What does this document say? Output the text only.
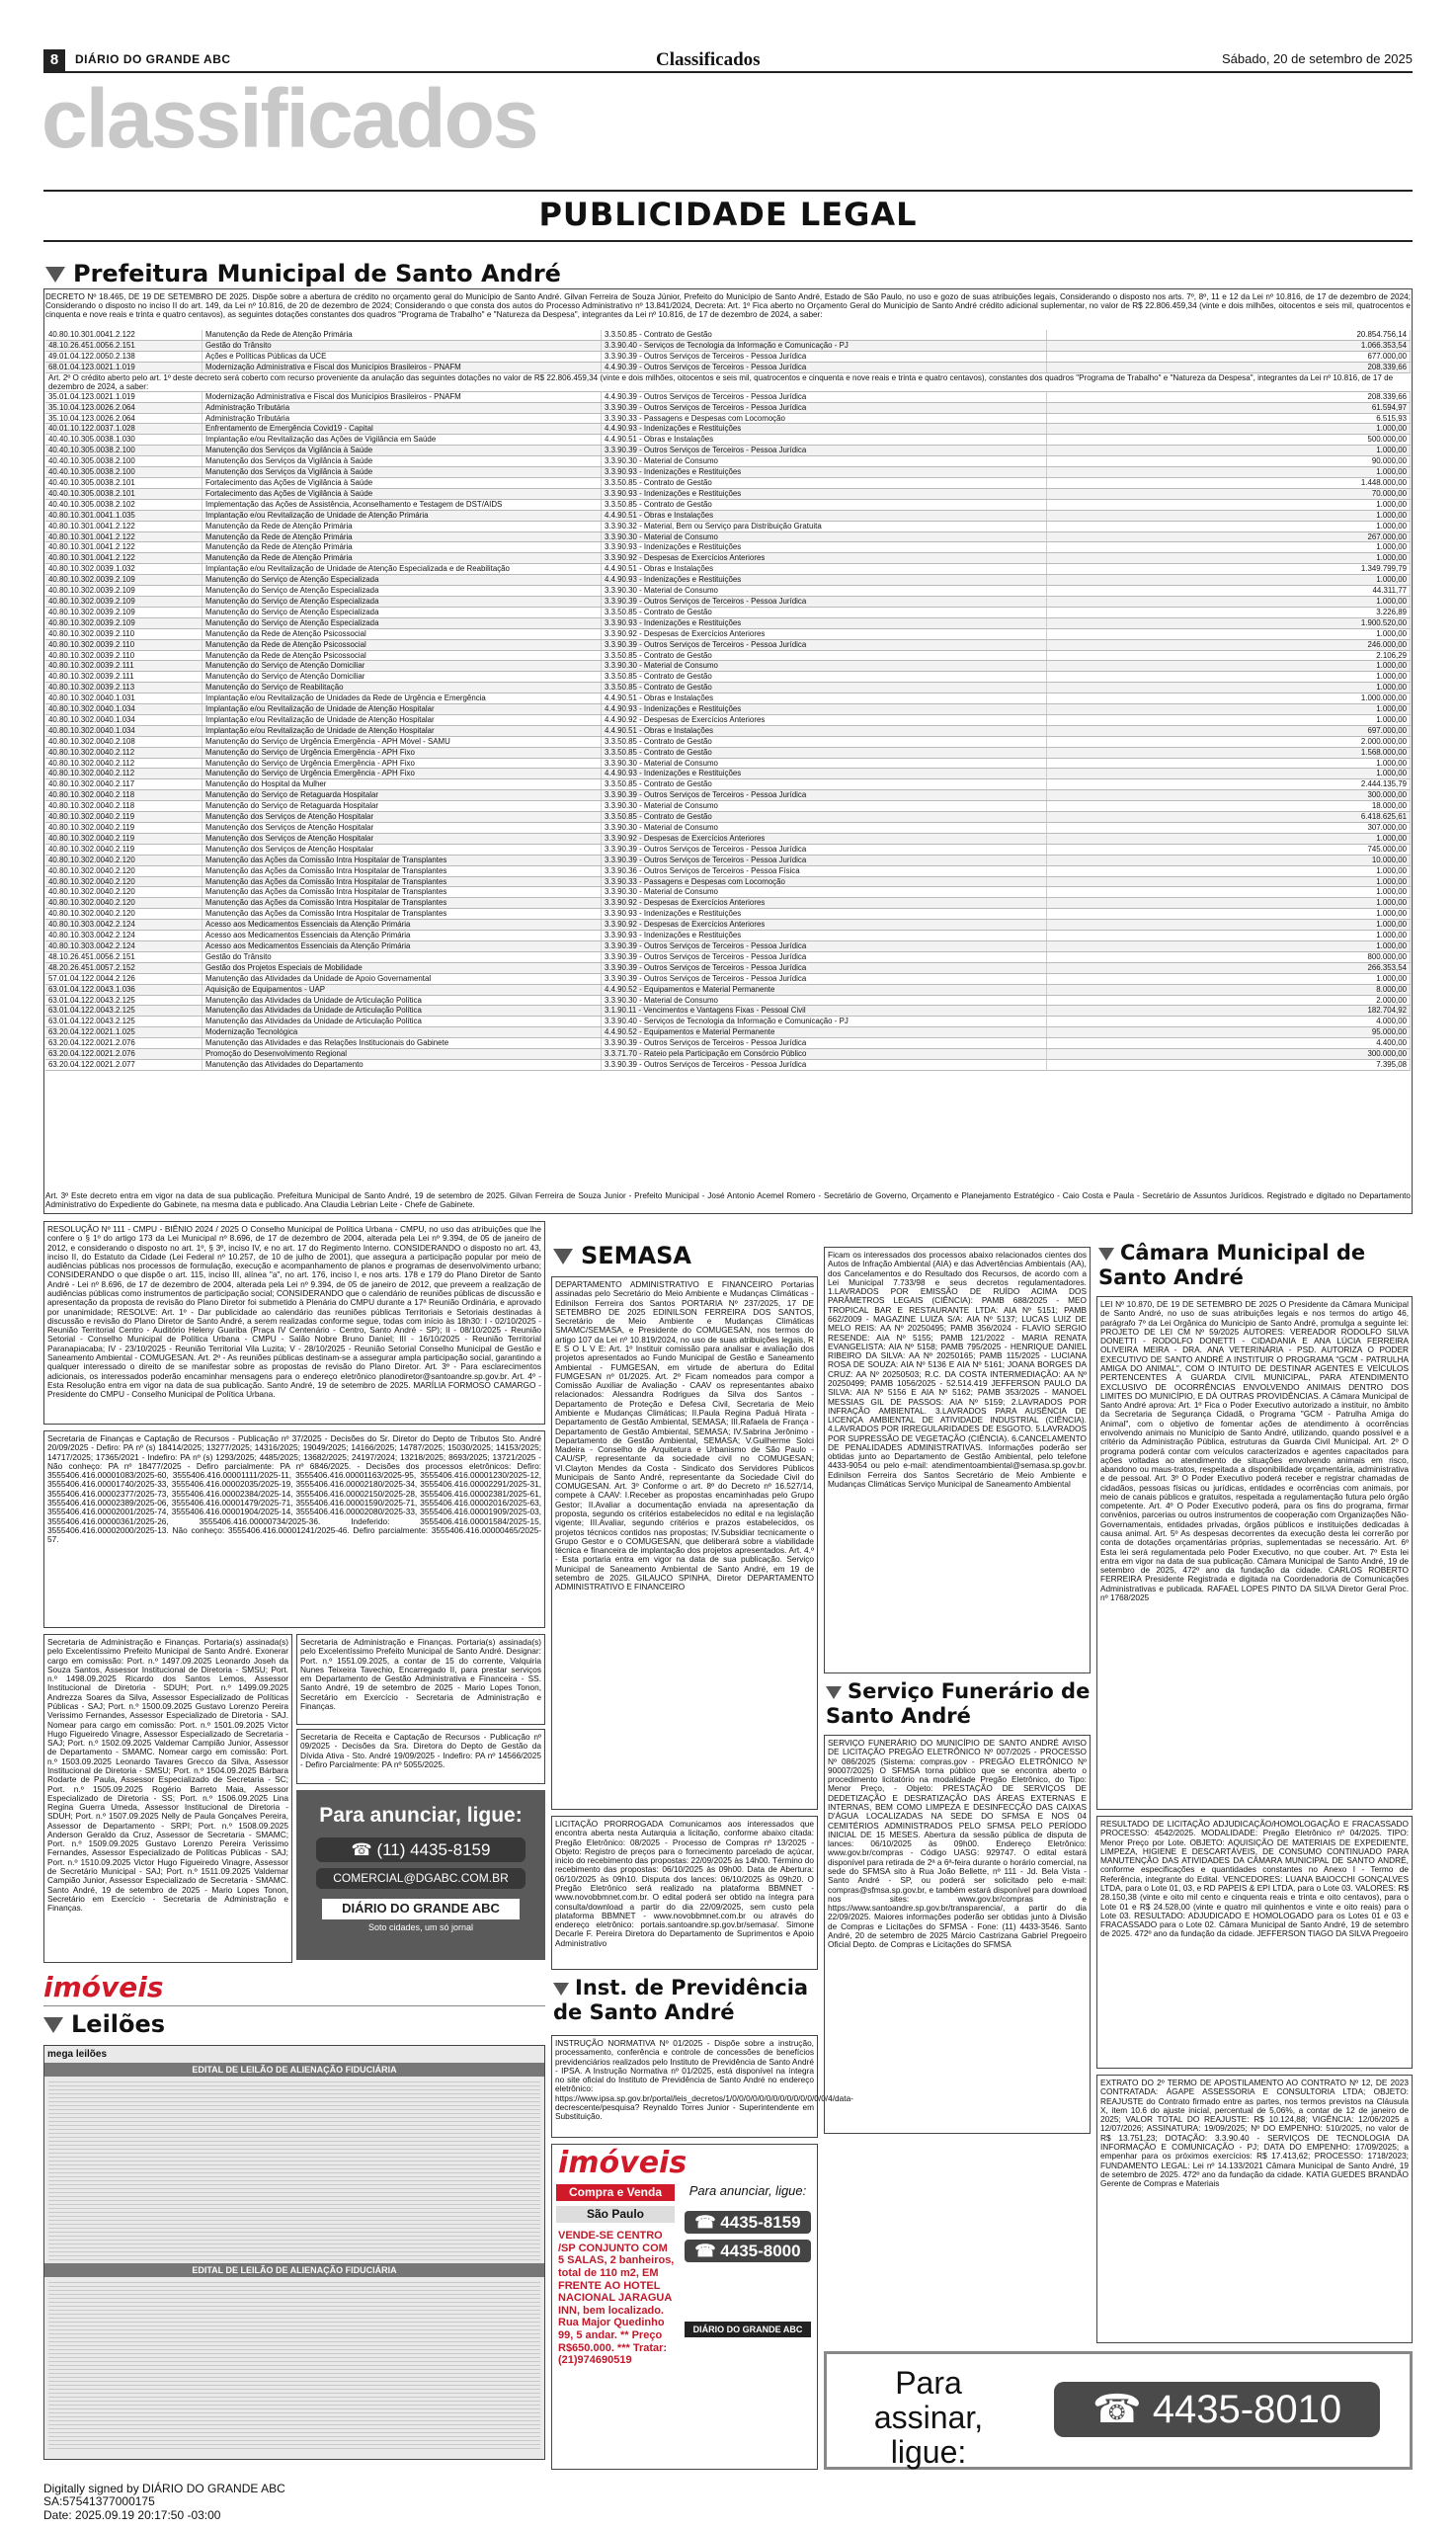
8	DIÁRIO DO GRANDE ABC	Classificados	Sábado, 20 de setembro de 2025
classificados
PUBLICIDADE LEGAL
Prefeitura Municipal de Santo André
DECRETO Nº 18.465, DE 19 DE SETEMBRO DE 2025. Dispõe sobre a abertura de crédito no orçamento geral do Município de Santo André. Gilvan Ferreira de Souza Júnior, Prefeito do Município de Santo André, Estado de São Paulo, no uso e gozo de suas atribuições legais, Considerando o disposto nos arts. 7º, 8º, 11 e 12 da Lei nº 10.816, de 17 de dezembro de 2024; Considerando o disposto no inciso II do art. 149, da Lei nº 10.816, de 20 de dezembro de 2024; Considerando o que consta dos autos do Processo Administrativo nº 13.841/2024, Decreta: Art. 1º Fica aberto no Orçamento Geral do Município de Santo André crédito adicional suplementar, no valor de R$ 22.806.459,34 (vinte e dois milhões, oitocentos e seis mil, quatrocentos e cinquenta e nove reais e trinta e quatro centavos), as seguintes dotações constantes dos quadros "Programa de Trabalho" e "Natureza da Despesa", integrantes da Lei nº 10.816, de 17 de dezembro de 2024, a saber:
40.80.10.301.0041.2.122	Manutenção da Rede de Atenção Primária	3.3.50.85 - Contrato de Gestão	20.854.756,14
48.10.26.451.0056.2.151	Gestão do Trânsito	3.3.90.40 - Serviços de Tecnologia da Informação e Comunicação - PJ	1.066.353,54
49.01.04.122.0050.2.138	Ações e Políticas Públicas da UCE	3.3.90.39 - Outros Serviços de Terceiros - Pessoa Jurídica	677.000,00
68.01.04.123.0021.1.019	Modernização Administrativa e Fiscal dos Municípios Brasileiros - PNAFM	4.4.90.39 - Outros Serviços de Terceiros - Pessoa Jurídica	208.339,66
Art. 2º O crédito aberto pelo art. 1º deste decreto será coberto com recurso proveniente da anulação das seguintes dotações no valor de R$ 22.806.459,34 (vinte e dois milhões, oitocentos e seis mil, quatrocentos e cinquenta e nove reais e trinta e quatro centavos), constantes dos quadros "Programa de Trabalho" e "Natureza da Despesa", integrantes da Lei nº 10.816, de 17 de dezembro de 2024, a saber:			
35.01.04.123.0021.1.019	Modernização Administrativa e Fiscal dos Municípios Brasileiros - PNAFM	4.4.90.39 - Outros Serviços de Terceiros - Pessoa Jurídica	208.339,66
35.10.04.123.0026.2.064	Administração Tributária	3.3.90.39 - Outros Serviços de Terceiros - Pessoa Jurídica	61.594,97
35.10.04.123.0026.2.064	Administração Tributária	3.3.90.33 - Passagens e Despesas com Locomoção	6.515,93
40.01.10.122.0037.1.028	Enfrentamento de Emergência Covid19 - Capital	4.4.90.93 - Indenizações e Restituições	1.000,00
40.40.10.305.0038.1.030	Implantação e/ou Revitalização das Ações de Vigilância em Saúde	4.4.90.51 - Obras e Instalações	500.000,00
40.40.10.305.0038.2.100	Manutenção dos Serviços da Vigilância à Saúde	3.3.90.39 - Outros Serviços de Terceiros - Pessoa Jurídica	1.000,00
40.40.10.305.0038.2.100	Manutenção dos Serviços da Vigilância à Saúde	3.3.90.30 - Material de Consumo	90.000,00
40.40.10.305.0038.2.100	Manutenção dos Serviços da Vigilância à Saúde	3.3.90.93 - Indenizações e Restituições	1.000,00
40.40.10.305.0038.2.101	Fortalecimento das Ações de Vigilância à Saúde	3.3.50.85 - Contrato de Gestão	1.448.000,00
40.40.10.305.0038.2.101	Fortalecimento das Ações de Vigilância à Saúde	3.3.90.93 - Indenizações e Restituições	70.000,00
40.40.10.305.0038.2.102	Implementação das Ações de Assistência, Aconselhamento e Testagem de DST/AIDS	3.3.50.85 - Contrato de Gestão	1.000,00
40.80.10.301.0041.1.035	Implantação e/ou Revitalização de Unidade de Atenção Primária	4.4.90.51 - Obras e Instalações	1.000,00
40.80.10.301.0041.2.122	Manutenção da Rede de Atenção Primária	3.3.90.32 - Material, Bem ou Serviço para Distribuição Gratuita	1.000,00
40.80.10.301.0041.2.122	Manutenção da Rede de Atenção Primária	3.3.90.30 - Material de Consumo	267.000,00
40.80.10.301.0041.2.122	Manutenção da Rede de Atenção Primária	3.3.90.93 - Indenizações e Restituições	1.000,00
40.80.10.301.0041.2.122	Manutenção da Rede de Atenção Primária	3.3.90.92 - Despesas de Exercícios Anteriores	1.000,00
40.80.10.302.0039.1.032	Implantação e/ou Revitalização de Unidade de Atenção Especializada e de Reabilitação	4.4.90.51 - Obras e Instalações	1.349.799,79
40.80.10.302.0039.2.109	Manutenção do Serviço de Atenção Especializada	4.4.90.93 - Indenizações e Restituições	1.000,00
40.80.10.302.0039.2.109	Manutenção do Serviço de Atenção Especializada	3.3.90.30 - Material de Consumo	44.311,77
40.80.10.302.0039.2.109	Manutenção do Serviço de Atenção Especializada	3.3.90.39 - Outros Serviços de Terceiros - Pessoa Jurídica	1.000,00
40.80.10.302.0039.2.109	Manutenção do Serviço de Atenção Especializada	3.3.50.85 - Contrato de Gestão	3.226,89
40.80.10.302.0039.2.109	Manutenção do Serviço de Atenção Especializada	3.3.90.93 - Indenizações e Restituições	1.900.520,00
40.80.10.302.0039.2.110	Manutenção da Rede de Atenção Psicossocial	3.3.90.92 - Despesas de Exercícios Anteriores	1.000,00
40.80.10.302.0039.2.110	Manutenção da Rede de Atenção Psicossocial	3.3.90.39 - Outros Serviços de Terceiros - Pessoa Jurídica	246.000,00
40.80.10.302.0039.2.110	Manutenção da Rede de Atenção Psicossocial	3.3.50.85 - Contrato de Gestão	2.106,29
40.80.10.302.0039.2.111	Manutenção do Serviço de Atenção Domiciliar	3.3.90.30 - Material de Consumo	1.000,00
40.80.10.302.0039.2.111	Manutenção do Serviço de Atenção Domiciliar	3.3.50.85 - Contrato de Gestão	1.000,00
40.80.10.302.0039.2.113	Manutenção do Serviço de Reabilitação	3.3.50.85 - Contrato de Gestão	1.000,00
40.80.10.302.0040.1.031	Implantação e/ou Revitalização de Unidades da Rede de Urgência e Emergência	4.4.90.51 - Obras e Instalações	1.000.000,00
40.80.10.302.0040.1.034	Implantação e/ou Revitalização de Unidade de Atenção Hospitalar	4.4.90.93 - Indenizações e Restituições	1.000,00
40.80.10.302.0040.1.034	Implantação e/ou Revitalização de Unidade de Atenção Hospitalar	4.4.90.92 - Despesas de Exercícios Anteriores	1.000,00
40.80.10.302.0040.1.034	Implantação e/ou Revitalização de Unidade de Atenção Hospitalar	4.4.90.51 - Obras e Instalações	697.000,00
40.80.10.302.0040.2.108	Manutenção do Serviço de Urgência Emergência - APH Móvel - SAMU	3.3.50.85 - Contrato de Gestão	2.000.000,00
40.80.10.302.0040.2.112	Manutenção do Serviço de Urgência Emergência - APH Fixo	3.3.50.85 - Contrato de Gestão	1.568.000,00
40.80.10.302.0040.2.112	Manutenção do Serviço de Urgência Emergência - APH Fixo	3.3.90.30 - Material de Consumo	1.000,00
40.80.10.302.0040.2.112	Manutenção do Serviço de Urgência Emergência - APH Fixo	4.4.90.93 - Indenizações e Restituições	1.000,00
40.80.10.302.0040.2.117	Manutenção do Hospital da Mulher	3.3.50.85 - Contrato de Gestão	2.444.135,79
40.80.10.302.0040.2.118	Manutenção do Serviço de Retaguarda Hospitalar	3.3.90.39 - Outros Serviços de Terceiros - Pessoa Jurídica	300.000,00
40.80.10.302.0040.2.118	Manutenção do Serviço de Retaguarda Hospitalar	3.3.90.30 - Material de Consumo	18.000,00
40.80.10.302.0040.2.119	Manutenção dos Serviços de Atenção Hospitalar	3.3.50.85 - Contrato de Gestão	6.418.625,61
40.80.10.302.0040.2.119	Manutenção dos Serviços de Atenção Hospitalar	3.3.90.30 - Material de Consumo	307.000,00
40.80.10.302.0040.2.119	Manutenção dos Serviços de Atenção Hospitalar	3.3.90.92 - Despesas de Exercícios Anteriores	1.000,00
40.80.10.302.0040.2.119	Manutenção dos Serviços de Atenção Hospitalar	3.3.90.39 - Outros Serviços de Terceiros - Pessoa Jurídica	745.000,00
40.80.10.302.0040.2.120	Manutenção das Ações da Comissão Intra Hospitalar de Transplantes	3.3.90.39 - Outros Serviços de Terceiros - Pessoa Jurídica	10.000,00
40.80.10.302.0040.2.120	Manutenção das Ações da Comissão Intra Hospitalar de Transplantes	3.3.90.36 - Outros Serviços de Terceiros - Pessoa Física	1.000,00
40.80.10.302.0040.2.120	Manutenção das Ações da Comissão Intra Hospitalar de Transplantes	3.3.90.33 - Passagens e Despesas com Locomoção	1.000,00
40.80.10.302.0040.2.120	Manutenção das Ações da Comissão Intra Hospitalar de Transplantes	3.3.90.30 - Material de Consumo	1.000,00
40.80.10.302.0040.2.120	Manutenção das Ações da Comissão Intra Hospitalar de Transplantes	3.3.90.92 - Despesas de Exercícios Anteriores	1.000,00
40.80.10.302.0040.2.120	Manutenção das Ações da Comissão Intra Hospitalar de Transplantes	3.3.90.93 - Indenizações e Restituições	1.000,00
40.80.10.303.0042.2.124	Acesso aos Medicamentos Essenciais da Atenção Primária	3.3.90.92 - Despesas de Exercícios Anteriores	1.000,00
40.80.10.303.0042.2.124	Acesso aos Medicamentos Essenciais da Atenção Primária	3.3.90.93 - Indenizações e Restituições	1.000,00
40.80.10.303.0042.2.124	Acesso aos Medicamentos Essenciais da Atenção Primária	3.3.90.39 - Outros Serviços de Terceiros - Pessoa Jurídica	1.000,00
48.10.26.451.0056.2.151	Gestão do Trânsito	3.3.90.39 - Outros Serviços de Terceiros - Pessoa Jurídica	800.000,00
48.20.26.451.0057.2.152	Gestão dos Projetos Especiais de Mobilidade	3.3.90.39 - Outros Serviços de Terceiros - Pessoa Jurídica	266.353,54
57.01.04.122.0044.2.126	Manutenção das Atividades da Unidade de Apoio Governamental	3.3.90.39 - Outros Serviços de Terceiros - Pessoa Jurídica	1.000,00
63.01.04.122.0043.1.036	Aquisição de Equipamentos - UAP	4.4.90.52 - Equipamentos e Material Permanente	8.000,00
63.01.04.122.0043.2.125	Manutenção das Atividades da Unidade de Articulação Política	3.3.90.30 - Material de Consumo	2.000,00
63.01.04.122.0043.2.125	Manutenção das Atividades da Unidade de Articulação Política	3.1.90.11 - Vencimentos e Vantagens Fixas - Pessoal Civil	182.704,92
63.01.04.122.0043.2.125	Manutenção das Atividades da Unidade de Articulação Política	3.3.90.40 - Serviços de Tecnologia da Informação e Comunicação - PJ	4.000,00
63.20.04.122.0021.1.025	Modernização Tecnológica	4.4.90.52 - Equipamentos e Material Permanente	95.000,00
63.20.04.122.0021.2.076	Manutenção das Atividades e das Relações Institucionais do Gabinete	3.3.90.39 - Outros Serviços de Terceiros - Pessoa Jurídica	4.400,00
63.20.04.122.0021.2.076	Promoção do Desenvolvimento Regional	3.3.71.70 - Rateio pela Participação em Consórcio Público	300.000,00
63.20.04.122.0021.2.077	Manutenção das Atividades do Departamento	3.3.90.39 - Outros Serviços de Terceiros - Pessoa Jurídica	7.395,08
Art. 3º Este decreto entra em vigor na data de sua publicação. Prefeitura Municipal de Santo André, 19 de setembro de 2025. Gilvan Ferreira de Souza Junior - Prefeito Municipal - José Antonio Acemel Romero - Secretário de Governo, Orçamento e Planejamento Estratégico - Caio Costa e Paula - Secretário de Assuntos Jurídicos. Registrado e digitado no Departamento Administrativo do Expediente do Gabinete, na mesma data e publicado. Ana Claudia Lebrian Leite - Chefe de Gabinete.
RESOLUÇÃO Nº 111 - CMPU - BIÊNIO 2024 / 2025 O Conselho Municipal de Política Urbana - CMPU, no uso das atribuições que lhe confere o § 1º do artigo 173 da Lei Municipal nº 8.696, de 17 de dezembro de 2004, alterada pela Lei nº 9.394, de 05 de janeiro de 2012, e considerando o disposto no art. 1º, § 3º, inciso IV, e no art. 17 do Regimento Interno. CONSIDERANDO o disposto no art. 43, inciso II, do Estatuto da Cidade (Lei Federal nº 10.257, de 10 de julho de 2001), que assegura a participação popular por meio de audiências públicas nos processos de formulação, execução e acompanhamento de planos e programas de desenvolvimento urbano; CONSIDERANDO o que dispõe o art. 115, inciso III, alínea "a", no art. 176, inciso I, e nos arts. 178 e 179 do Plano Diretor de Santo André - Lei nº 8.696, de 17 de dezembro de 2004, alterada pela Lei nº 9.394, de 05 de janeiro de 2012, que preveem a realização de audiências públicas como instrumentos de participação social; CONSIDERANDO que o calendário de reuniões públicas de discussão e apresentação da proposta de revisão do Plano Diretor foi submetido à Plenária do CMPU durante a 17ª Reunião Ordinária, e aprovado por unanimidade; RESOLVE: Art. 1º - Dar publicidade ao calendário das reuniões públicas Territoriais e Setoriais destinadas à discussão e revisão do Plano Diretor de Santo André, a serem realizadas conforme segue, todas com início às 18h30: I - 02/10/2025 - Reunião Territorial Centro - Auditório Heleny Guariba (Praça IV Centenário - Centro, Santo André - SP); II - 08/10/2025 - Reunião Setorial - Conselho Municipal de Política Urbana - CMPU - Salão Nobre Bruno Daniel; III - 16/10/2025 - Reunião Territorial Paranapiacaba; IV - 23/10/2025 - Reunião Territorial Vila Luzita; V - 28/10/2025 - Reunião Setorial Conselho Municipal de Gestão e Saneamento Ambiental - COMUGESAN. Art. 2º - As reuniões públicas destinam-se a assegurar ampla participação social, garantindo a qualquer interessado o direito de se manifestar sobre as propostas de revisão do Plano Diretor. Art. 3º - Para esclarecimentos adicionais, os interessados poderão encaminhar mensagens para o endereço eletrônico planodiretor@santoandre.sp.gov.br. Art. 4º - Esta Resolução entra em vigor na data de sua publicação. Santo André, 19 de setembro de 2025. MARÍLIA FORMOSO CAMARGO - Presidente do CMPU - Conselho Municipal de Política Urbana.
Secretaria de Finanças e Captação de Recursos - Publicação nº 37/2025 - Decisões do Sr. Diretor do Depto de Tributos Sto. André 20/09/2025 - Defiro: PA nº (s) 18414/2025; 13277/2025; 14316/2025; 19049/2025; 14166/2025; 14787/2025; 15030/2025; 14153/2025; 14717/2025; 17365/2021 - Indefiro: PA nº (s) 1293/2025; 4485/2025; 13682/2025; 24197/2024; 13218/2025; 8693/2025; 13721/2025 - Não conheço: PA nº 18477/2025 - Defiro parcialmente: PA nº 6846/2025. - Decisões dos processos eletrônicos: Defiro: 3555406.416.00001083/2025-60, 3555406.416.00001111/2025-11, 3555406.416.00001163/2025-95, 3555406.416.00001230/2025-12, 3555406.416.00001740/2025-33, 3555406.416.00002035/2025-19, 3555406.416.00002180/2025-34, 3555406.416.00002291/2025-31, 3555406.416.00002377/2025-73, 3555406.416.00002384/2025-14, 3555406.416.00002150/2025-28, 3555406.416.00002381/2025-61, 3555406.416.00002389/2025-06, 3555406.416.00001479/2025-71, 3555406.416.00001590/2025-71, 3555406.416.00002016/2025-63, 3555406.416.00002001/2025-74, 3555406.416.00001904/2025-14, 3555406.416.00002080/2025-33, 3555406.416.00001909/2025-03, 3555406.416.00000361/2025-26, 3555406.416.00000734/2025-36. Indeferido: 3555406.416.00001584/2025-15, 3555406.416.00002000/2025-13. Não conheço: 3555406.416.00001241/2025-46. Defiro parcialmente: 3555406.416.00000465/2025-57.
Secretaria de Administração e Finanças. Portaria(s) assinada(s) pelo Excelentíssimo Prefeito Municipal de Santo André. Exonerar cargo em comissão: Port. n.º 1497.09.2025 Leonardo Joseh da Souza Santos, Assessor Institucional de Diretoria - SMSU; Port. n.º 1498.09.2025 Ricardo dos Santos Lemos, Assessor Institucional de Diretoria - SDUH; Port. n.º 1499.09.2025 Andrezza Soares da Silva, Assessor Especializado de Políticas Públicas - SAJ; Port. n.º 1500.09.2025 Gustavo Lorenzo Pereira Verissimo Fernandes, Assessor Especializado de Diretoria - SAJ. Nomear para cargo em comissão: Port. n.º 1501.09.2025 Victor Hugo Figueiredo Vinagre, Assessor Especializado de Secretaria - SAJ; Port. n.º 1502.09.2025 Valdemar Campião Junior, Assessor de Departamento - SMAMC. Nomear cargo em comissão: Port. n.º 1503.09.2025 Leonardo Tavares Grecco da Silva, Assessor Institucional de Diretoria - SMSU; Port. n.º 1504.09.2025 Bárbara Rodarte de Paula, Assessor Especializado de Secretaria - SC; Port. n.º 1505.09.2025 Rogério Barreto Maia, Assessor Especializado de Diretoria - SS; Port. n.º 1506.09.2025 Lina Regina Guerra Umeda, Assessor Institucional de Diretoria - SDUH; Port. n.º 1507.09.2025 Nelly de Paula Gonçalves Pereira, Assessor de Departamento - SRPI; Port. n.º 1508.09.2025 Anderson Geraldo da Cruz, Assessor de Secretaria - SMAMC; Port. n.º 1509.09.2025 Gustavo Lorenzo Pereira Verissimo Fernandes, Assessor Especializado de Políticas Públicas - SAJ; Port. n.º 1510.09.2025 Victor Hugo Figueiredo Vinagre, Assessor de Secretário Municipal - SAJ; Port. n.º 1511.09.2025 Valdemar Campião Junior, Assessor Especializado de Secretaria - SMAMC. Santo André, 19 de setembro de 2025 - Mario Lopes Tonon, Secretário em Exercício - Secretaria de Administração e Finanças.
Secretaria de Administração e Finanças. Portaria(s) assinada(s) pelo Excelentíssimo Prefeito Municipal de Santo André. Designar: Port. n.º 1551.09.2025, a contar de 15 do corrente, Valquiria Nunes Teixeira Tavechio, Encarregado II, para prestar serviços em Departamento de Gestão Administrativa e Financeira - SS. Santo André, 19 de setembro de 2025 - Mario Lopes Tonon, Secretário em Exercício - Secretaria de Administração e Finanças.
Secretaria de Receita e Captação de Recursos - Publicação nº 09/2025 - Decisões da Sra. Diretora do Depto de Gestão da Dívida Ativa - Sto. André 19/09/2025 - Indefiro: PA nº 14566/2025 - Defiro Parcialmente: PA nº 5055/2025.
Para anunciar, ligue:
☎ (11) 4435-8159
COMERCIAL@DGABC.COM.BR
DIÁRIO DO GRANDE ABC
Soto cidades, um só jornal
imóveis
Leilões
mega leilões
EDITAL DE LEILÃO DE ALIENAÇÃO FIDUCIÁRIA
EDITAL DE LEILÃO DE ALIENAÇÃO FIDUCIÁRIA
SEMASA
DEPARTAMENTO ADMINISTRATIVO E FINANCEIRO Portarias assinadas pelo Secretário do Meio Ambiente e Mudanças Climáticas - Edinilson Ferreira dos Santos PORTARIA Nº 237/2025, 17 DE SETEMBRO DE 2025 EDINILSON FERREIRA DOS SANTOS, Secretário de Meio Ambiente e Mudanças Climáticas SMAMC/SEMASA, e Presidente do COMUGESAN, nos termos do artigo 107 da Lei nº 10.819/2024, no uso de suas atribuições legais, R E S O L V E: Art. 1º Instituir comissão para analisar e avaliação dos projetos apresentados ao Fundo Municipal de Gestão e Saneamento Ambiental - FUMGESAN, em virtude de abertura do Edital FUMGESAN nº 01/2025. Art. 2º Ficam nomeados para compor a Comissão Auxiliar de Avaliação - CAAV os representantes abaixo relacionados: Alessandra Rodrigues da Silva dos Santos - Departamento de Proteção e Defesa Civil, Secretaria de Meio Ambiente e Mudanças Climáticas; II.Paula Regina Paduá Hirata - Departamento de Gestão Ambiental, SEMASA; III.Rafaela de França - Departamento de Gestão Ambiental, SEMASA; IV.Sabrina Jerônimo - Departamento de Gestão Ambiental, SEMASA; V.Guilherme Solci Madeira - Conselho de Arquitetura e Urbanismo de São Paulo - CAU/SP, representante da sociedade civil no COMUGESAN; VI.Clayton Mendes da Costa - Sindicato dos Servidores Públicos Municipais de Santo André, representante da Sociedade Civil do COMUGESAN. Art. 3º Conforme o art. 8º do Decreto nº 16.527/14, compete à CAAV: I.Receber as propostas encaminhadas pelo Grupo Gestor; II.Avaliar a documentação enviada na apresentação da proposta, segundo os critérios estabelecidos no edital e na legislação vigente; III.Avaliar, segundo critérios e prazos estabelecidos, os projetos técnicos contidos nas propostas; IV.Subsidiar tecnicamente o Grupo Gestor e o COMUGESAN, que deliberará sobre a viabilidade técnica e financeira de implantação dos projetos apresentados. Art. 4.º - Esta portaria entra em vigor na data de sua publicação. Serviço Municipal de Saneamento Ambiental de Santo André, em 19 de setembro de 2025. GILAUCO SPINHA, Diretor DEPARTAMENTO ADMINISTRATIVO E FINANCEIRO
LICITAÇÃO PRORROGADA Comunicamos aos interessados que encontra aberta nesta Autarquia a licitação, conforme abaixo citada: Pregão Eletrônico: 08/2025 - Processo de Compras nº 13/2025 - Objeto: Registro de preços para o fornecimento parcelado de açúcar, inicio do recebimento das propostas: 22/09/2025 às 14h00. Término do recebimento das propostas: 06/10/2025 às 09h00. Data de Abertura: 06/10/2025 às 09h10. Disputa dos lances: 06/10/2025 às 09h20. O Pregão Eletrônico será realizado na plataforma BBMNET - www.novobbmnet.com.br. O edital poderá ser obtido na íntegra para consulta/download a partir do dia 22/09/2025, sem custo pela plataforma BBMNET - www.novobbmnet.com.br ou através do endereço eletrônico: portais.santoandre.sp.gov.br/semasa/. Simone Decarle F. Pereira Diretora do Departamento de Suprimentos e Apoio Administrativo
Ficam os interessados dos processos abaixo relacionados cientes dos Autos de Infração Ambiental (AIA) e das Advertências Ambientais (AA), dos Cancelamentos e do Resultado dos Recursos, de acordo com a Lei Municipal 7.733/98 e seus decretos regulamentadores. 1.LAVRADOS POR EMISSÃO DE RUÍDO ACIMA DOS PARÂMETROS LEGAIS (CIÊNCIA): PAMB 688/2025 - MEO TROPICAL BAR E RESTAURANTE LTDA: AIA Nº 5151; PAMB 662/2009 - MAGAZINE LUIZA S/A: AIA Nº 5137; LUCAS LUIZ DE MELO REIS: AA Nº 20250495; PAMB 356/2024 - FLAVIO SERGIO RESENDE: AIA Nº 5155; PAMB 121/2022 - MARIA RENATA EVANGELISTA: AIA Nº 5158; PAMB 795/2025 - HENRIQUE DANIEL RIBEIRO DA SILVA: AA Nº 20250165; PAMB 115/2025 - LUCIANA ROSA DE SOUZA: AIA Nº 5136 E AIA Nº 5161; JOANA BORGES DA CRUZ: AA Nº 20250503; R.C. DA COSTA INTERMEDIAÇÃO: AA Nº 20250499; PAMB 1056/2025 - 52.514.419 JEFFERSON PAULO DA SILVA: AIA Nº 5156 E AIA Nº 5162; PAMB 353/2025 - MANOEL MESSIAS GIL DE PASSOS: AIA Nº 5159; 2.LAVRADOS POR INFRAÇÃO AMBIENTAL. 3.LAVRADOS PARA AUSÊNCIA DE LICENÇA AMBIENTAL DE ATIVIDADE INDUSTRIAL (CIÊNCIA). 4.LAVRADOS POR IRREGULARIDADES DE ESGOTO. 5.LAVRADOS POR SUPRESSÃO DE VEGETAÇÃO (CIÊNCIA). 6.CANCELAMENTO DE PENALIDADES ADMINISTRATIVAS. Informações poderão ser obtidas junto ao Departamento de Gestão Ambiental, pelo telefone 4433-9054 ou pelo e-mail: atendimentoambiental@semasa.sp.gov.br. Edinilson Ferreira dos Santos Secretário de Meio Ambiente e Mudanças Climáticas Serviço Municipal de Saneamento Ambiental
Inst. de Previdência de Santo André
INSTRUÇÃO NORMATIVA Nº 01/2025 - Dispõe sobre a instrução, processamento, conferência e controle de concessões de benefícios previdenciários realizados pelo Instituto de Previdência de Santo André - IPSA. A Instrução Normativa nº 01/2025, está disponível na íntegra no site oficial do Instituto de Previdência de Santo André no endereço eletrônico: https://www.ipsa.sp.gov.br/portal/leis_decretos/1/0/0/0/0/0/0/0/0/0/0/0/0/0/0/4/data-decrescente/pesquisa? Reynaldo Torres Junior - Superintendente em Substituição.
imóveis
Compra e Venda
São Paulo
VENDE-SE CENTRO /SP CONJUNTO COM 5 SALAS, 2 banheiros, total de 110 m2, EM FRENTE AO HOTEL NACIONAL JARAGUA INN, bem localizado. Rua Major Quedinho 99, 5 andar. ** Preço R$650.000. *** Tratar: (21)974690519
Para anunciar, ligue:
☎ 4435-8159
☎ 4435-8000
DIÁRIO DO GRANDE ABC
Serviço Funerário de Santo André
SERVIÇO FUNERÁRIO DO MUNICÍPIO DE SANTO ANDRÉ AVISO DE LICITAÇÃO PREGÃO ELETRÔNICO Nº 007/2025 - PROCESSO Nº 086/2025 (Sistema: compras.gov - PREGÃO ELETRÔNICO Nº 90007/2025) O SFMSA torna público que se encontra aberto o procedimento licitatório na modalidade Pregão Eletrônico, do Tipo: Menor Preço, - Objeto: PRESTAÇÃO DE SERVIÇOS DE DEDETIZAÇÃO E DESRATIZAÇÃO DAS ÁREAS EXTERNAS E INTERNAS, BEM COMO LIMPEZA E DESINFECÇÃO DAS CAIXAS D'ÁGUA LOCALIZADAS NA SEDE DO SFMSA E NOS 04 CEMITÉRIOS ADMINISTRADOS PELO SFMSA PELO PERÍODO INICIAL DE 15 MESES. Abertura da sessão pública de disputa de lances: 06/10/2025 às 09h00. Endereço Eletrônico: www.gov.br/compras - Código UASG: 929747. O edital estará disponível para retirada de 2ª a 6ª-feira durante o horário comercial, na sede do SFMSA sito à Rua João Bellette, nº 111 - Jd. Bela Vista - Santo André - SP, ou poderá ser solicitado pelo e-mail: compras@sfmsa.sp.gov.br, e também estará disponível para download nos sites: www.gov.br/compras e https://www.santoandre.sp.gov.br/transparencia/, a partir do dia 22/09/2025. Maiores informações poderão ser obtidas junto à Divisão de Compras e Licitações do SFMSA - Fone: (11) 4433-3546. Santo André, 20 de setembro de 2025 Márcio Castrizana Gabriel Pregoeiro Oficial Depto. de Compras e Licitações do SFMSA
Câmara Municipal de Santo André
LEI Nº 10.870, DE 19 DE SETEMBRO DE 2025 O Presidente da Câmara Municipal de Santo André, no uso de suas atribuições legais e nos termos do artigo 46, parágrafo 7º da Lei Orgânica do Município de Santo André, promulga a seguinte lei: PROJETO DE LEI CM Nº 59/2025 AUTORES: VEREADOR RODOLFO SILVA DONETTI - RODOLFO DONETTI - CIDADANIA E ANA LÚCIA FERREIRA OLIVEIRA MEIRA - DRA. ANA VETERINÁRIA - PSD. AUTORIZA O PODER EXECUTIVO DE SANTO ANDRÉ A INSTITUIR O PROGRAMA "GCM - PATRULHA AMIGA DO ANIMAL", COM O INTUITO DE DESTINAR AGENTES E VEÍCULOS PERTENCENTES À GUARDA CIVIL MUNICIPAL, PARA ATENDIMENTO EXCLUSIVO DE OCORRÊNCIAS ENVOLVENDO ANIMAIS DENTRO DOS LIMITES DO MUNICÍPIO, E DÁ OUTRAS PROVIDÊNCIAS. A Câmara Municipal de Santo André aprova: Art. 1º Fica o Poder Executivo autorizado a instituir, no âmbito da Secretaria de Segurança Cidadã, o Programa "GCM - Patrulha Amiga do Animal", com o objetivo de fomentar ações de atendimento à ocorrências envolvendo animais no Município de Santo André, utilizando, quando possível e a critério da Administração Pública, estruturas da Guarda Civil Municipal. Art. 2º O programa poderá contar com veículos caracterizados e agentes capacitados para ações voltadas ao atendimento de situações envolvendo animais em risco, abandono ou maus-tratos, respeitada a disponibilidade orçamentária, administrativa e de pessoal. Art. 3º O Poder Executivo poderá receber e registrar chamadas de cidadãos, pessoas físicas ou jurídicas, entidades e ocorrências com animais, por meio de canais públicos e gratuitos, respeitada a regulamentação futura pelo órgão competente. Art. 4º O Poder Executivo poderá, para os fins do programa, firmar convênios, parcerias ou outros instrumentos de cooperação com Organizações Não-Governamentais, entidades privadas, órgãos públicos e instituições dedicadas à causa animal. Art. 5º As despesas decorrentes da execução desta lei correrão por conta de dotações orçamentárias próprias, suplementadas se necessário. Art. 6º Esta lei será regulamentada pelo Poder Executivo, no que couber. Art. 7º Esta lei entra em vigor na data de sua publicação. Câmara Municipal de Santo André, 19 de setembro de 2025, 472º ano da fundação da cidade. CARLOS ROBERTO FERREIRA Presidente Registrada e digitada na Coordenadoria de Comunicações Administrativas e publicada. RAFAEL LOPES PINTO DA SILVA Diretor Geral Proc. nº 1768/2025
RESULTADO DE LICITAÇÃO ADJUDICAÇÃO/HOMOLOGAÇÃO E FRACASSADO PROCESSO: 4542/2025. MODALIDADE: Pregão Eletrônico nº 04/2025. TIPO: Menor Preço por Lote. OBJETO: AQUISIÇÃO DE MATERIAIS DE EXPEDIENTE, LIMPEZA, HIGIENE E DESCARTÁVEIS, DE CONSUMO CONTINUADO PARA MANUTENÇÃO DAS ATIVIDADES DA CÂMARA MUNICIPAL DE SANTO ANDRÉ, conforme especificações e quantidades constantes no Anexo I - Termo de Referência, integrante do Edital. VENCEDORES: LUANA BAIOCCHI GONÇALVES LTDA, para o Lote 01, 03, e RD PAPEIS & EPI LTDA, para o Lote 03. VALORES: R$ 28.150,38 (vinte e oito mil cento e cinquenta reais e trinta e oito centavos), para o Lote 01 e R$ 24.528,00 (vinte e quatro mil quinhentos e vinte e oito reais) para o Lote 03. RESULTADO: ADJUDICADO E HOMOLOGADO para os Lotes 01 e 03 e FRACASSADO para o Lote 02. Câmara Municipal de Santo André, 19 de setembro de 2025. 472º ano da fundação da cidade. JEFFERSON TIAGO DA SILVA Pregoeiro
EXTRATO DO 2º TERMO DE APOSTILAMENTO AO CONTRATO Nº 12, DE 2023 CONTRATADA: ÁGAPE ASSESSORIA E CONSULTORIA LTDA; OBJETO: REAJUSTE do Contrato firmado entre as partes, nos termos previstos na Cláusula X, item 10.6 do ajuste inicial, percentual de 5,06%, a contar de 12 de janeiro de 2025; VALOR TOTAL DO REAJUSTE: R$ 10.124,88; VIGÊNCIA: 12/06/2025 a 12/07/2026; ASSINATURA: 19/09/2025; Nº DO EMPENHO: 510/2025, no valor de R$ 13.751,23; DOTAÇÃO: 3.3.90.40 - SERVIÇOS DE TECNOLOGIA DA INFORMAÇÃO E COMUNICAÇÃO - PJ; DATA DO EMPENHO: 17/09/2025; a empenhar para os próximos exercícios: R$ 17.413,62; PROCESSO: 1718/2023; FUNDAMENTO LEGAL: Lei nº 14.133/2021 Câmara Municipal de Santo André, 19 de setembro de 2025. 472º ano da fundação da cidade. KATIA GUEDES BRANDÃO Gerente de Compras e Materiais
Para assinar, ligue:
☎ 4435-8010
Digitally signed by DIÁRIO DO GRANDE ABC
SA:57541377000175
Date: 2025.09.19 20:17:50 -03:00
